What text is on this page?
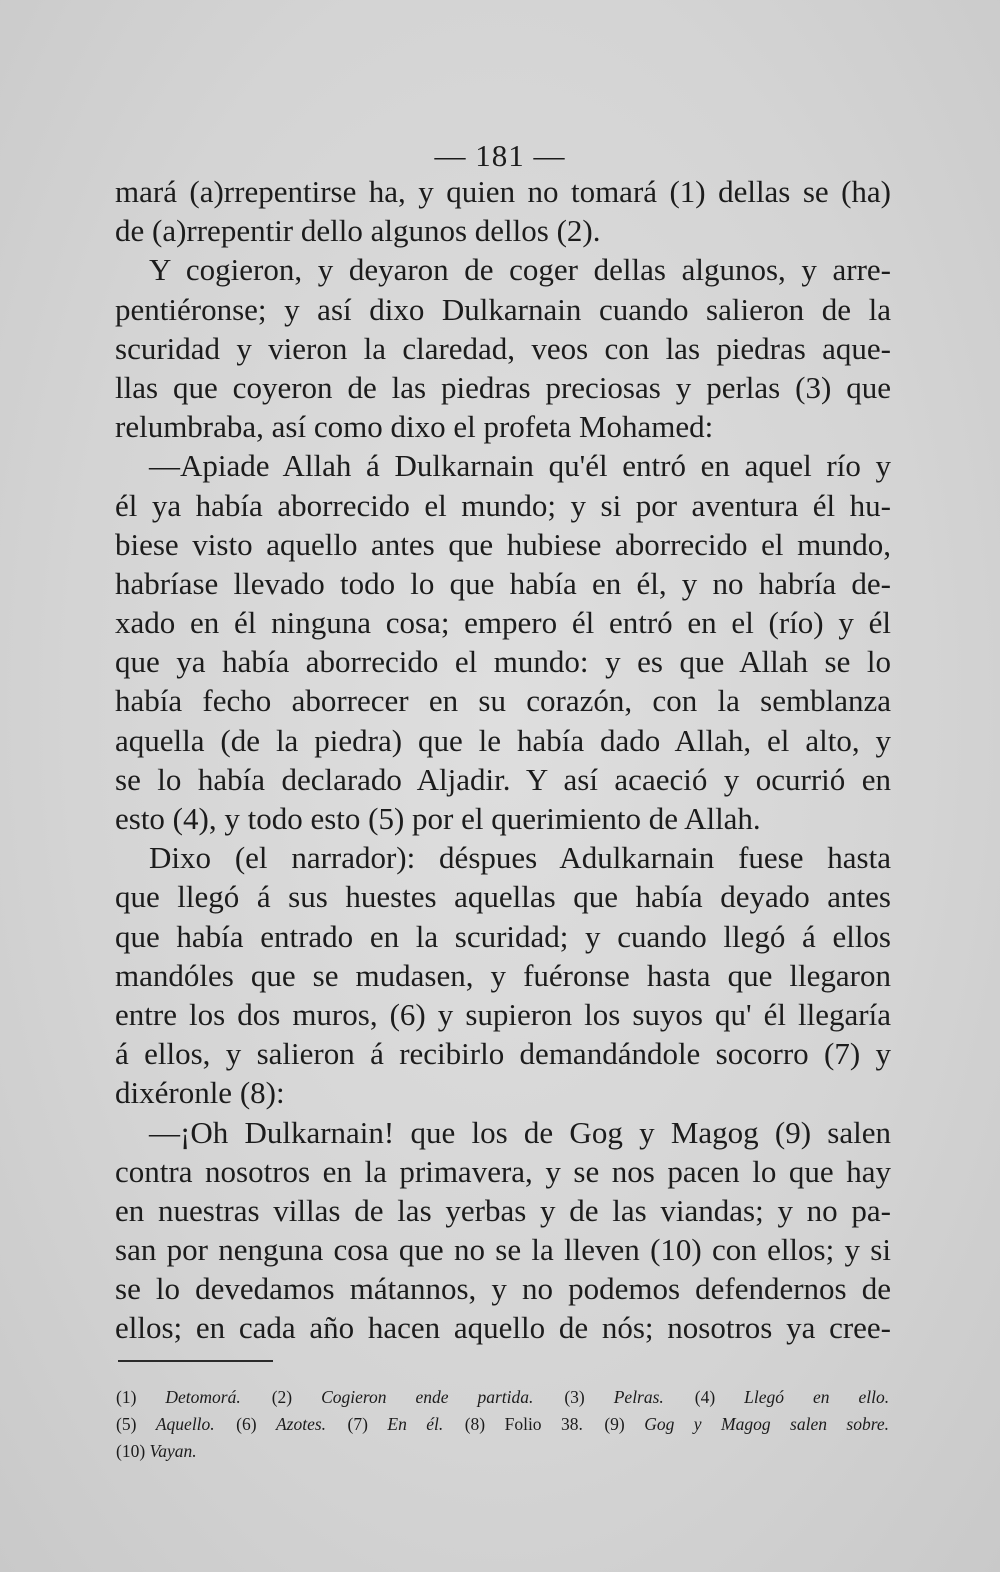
— 181 —
mará (a)rrepentirse ha, y quien no tomará (1) dellas se (ha)
de (a)rrepentir dello algunos dellos (2).
Y cogieron, y deyaron de coger dellas algunos, y arre-
pentiéronse; y así dixo Dulkarnain cuando salieron de la
scuridad y vieron la claredad, veos con las piedras aque-
llas que coyeron de las piedras preciosas y perlas (3) que
relumbraba, así como dixo el profeta Mohamed:
—Apiade Allah á Dulkarnain qu'él entró en aquel río y
él ya había aborrecido el mundo; y si por aventura él hu-
biese visto aquello antes que hubiese aborrecido el mundo,
habríase llevado todo lo que había en él, y no habría de-
xado en él ninguna cosa; empero él entró en el (río) y él
que ya había aborrecido el mundo: y es que Allah se lo
había fecho aborrecer en su corazón, con la semblanza
aquella (de la piedra) que le había dado Allah, el alto, y
se lo había declarado Aljadir. Y así acaeció y ocurrió en
esto (4), y todo esto (5) por el querimiento de Allah.
Dixo (el narrador): déspues Adulkarnain fuese hasta
que llegó á sus huestes aquellas que había deyado antes
que había entrado en la scuridad; y cuando llegó á ellos
mandóles que se mudasen, y fuéronse hasta que llegaron
entre los dos muros, (6) y supieron los suyos qu' él llegaría
á ellos, y salieron á recibirlo demandándole socorro (7) y
dixéronle (8):
—¡Oh Dulkarnain! que los de Gog y Magog (9) salen
contra nosotros en la primavera, y se nos pacen lo que hay
en nuestras villas de las yerbas y de las viandas; y no pa-
san por nenguna cosa que no se la lleven (10) con ellos; y si
se lo devedamos mátannos, y no podemos defendernos de
ellos; en cada año hacen aquello de nós; nosotros ya cree-
(1) Detomorá. (2) Cogieron ende partida. (3) Pelras. (4) Llegó en ello.
(5) Aquello. (6) Azotes. (7) En él. (8) Folio 38. (9) Gog y Magog salen sobre.
(10) Vayan.
